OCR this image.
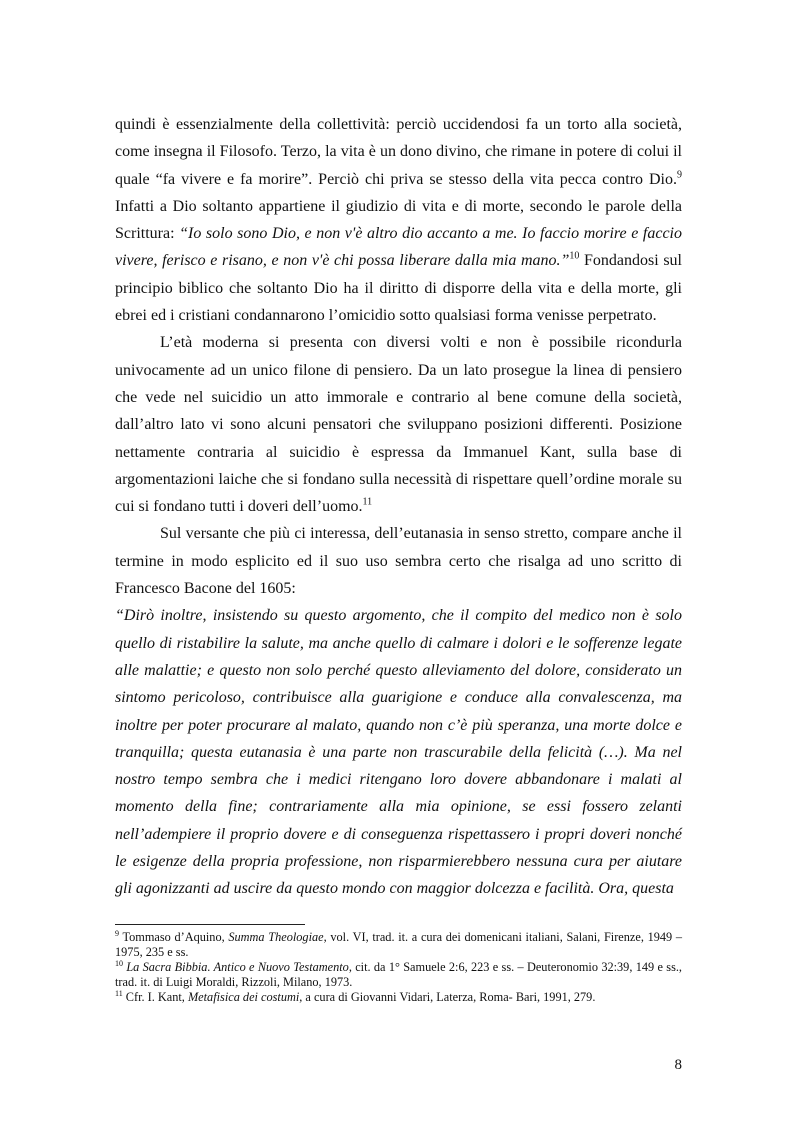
quindi è essenzialmente della collettività: perciò uccidendosi fa un torto alla società, come insegna il Filosofo. Terzo, la vita è un dono divino, che rimane in potere di colui il quale “fa vivere e fa morire”. Perciò chi priva se stesso della vita pecca contro Dio.$^9$ Infatti a Dio soltanto appartiene il giudizio di vita e di morte, secondo le parole della Scrittura: “Io solo sono Dio, e non v'è altro dio accanto a me. Io faccio morire e faccio vivere, ferisco e risano, e non v'è chi possa liberare dalla mia mano.”$^{10}$ Fondandosi sul principio biblico che soltanto Dio ha il diritto di disporre della vita e della morte, gli ebrei ed i cristiani condannarono l’omicidio sotto qualsiasi forma venisse perpetrato.

L’età moderna si presenta con diversi volti e non è possibile ricondurla univocamente ad un unico filone di pensiero. Da un lato prosegue la linea di pensiero che vede nel suicidio un atto immorale e contrario al bene comune della società, dall’altro lato vi sono alcuni pensatori che sviluppano posizioni differenti. Posizione nettamente contraria al suicidio è espressa da Immanuel Kant, sulla base di argomentazioni laiche che si fondano sulla necessità di rispettare quell’ordine morale su cui si fondano tutti i doveri dell’uomo.$^{11}$

Sul versante che più ci interessa, dell’eutanasia in senso stretto, compare anche il termine in modo esplicito ed il suo uso sembra certo che risalga ad uno scritto di Francesco Bacone del 1605:

“Dirò inoltre, insistendo su questo argomento, che il compito del medico non è solo quello di ristabilire la salute, ma anche quello di calmare i dolori e le sofferenze legate alle malattie; e questo non solo perché questo alleviamento del dolore, considerato un sintomo pericoloso, contribuisce alla guarigione e conduce alla convalescenza, ma inoltre per poter procurare al malato, quando non c’è più speranza, una morte dolce e tranquilla; questa eutanasia è una parte non trascurabile della felicità (…). Ma nel nostro tempo sembra che i medici ritengano loro dovere abbandonare i malati al momento della fine; contrariamente alla mia opinione, se essi fossero zelanti nell’adempiere il proprio dovere e di conseguenza rispettassero i propri doveri nonché le esigenze della propria professione, non risparmierebbero nessuna cura per aiutare gli agonizzanti ad uscire da questo mondo con maggior dolcezza e facilità. Ora, questa

$^9$ Tommaso d’Aquino, Summa Theologiae, vol. VI, trad. it. a cura dei domenicani italiani, Salani, Firenze, 1949 – 1975, 235 e ss.

$^{10}$ La Sacra Bibbia. Antico e Nuovo Testamento, cit. da 1° Samuele 2:6, 223 e ss. – Deuteronomio 32:39, 149 e ss., trad. it. di Luigi Moraldi, Rizzoli, Milano, 1973.

$^{11}$ Cfr. I. Kant, Metafisica dei costumi, a cura di Giovanni Vidari, Laterza, Roma- Bari, 1991, 279.

8
